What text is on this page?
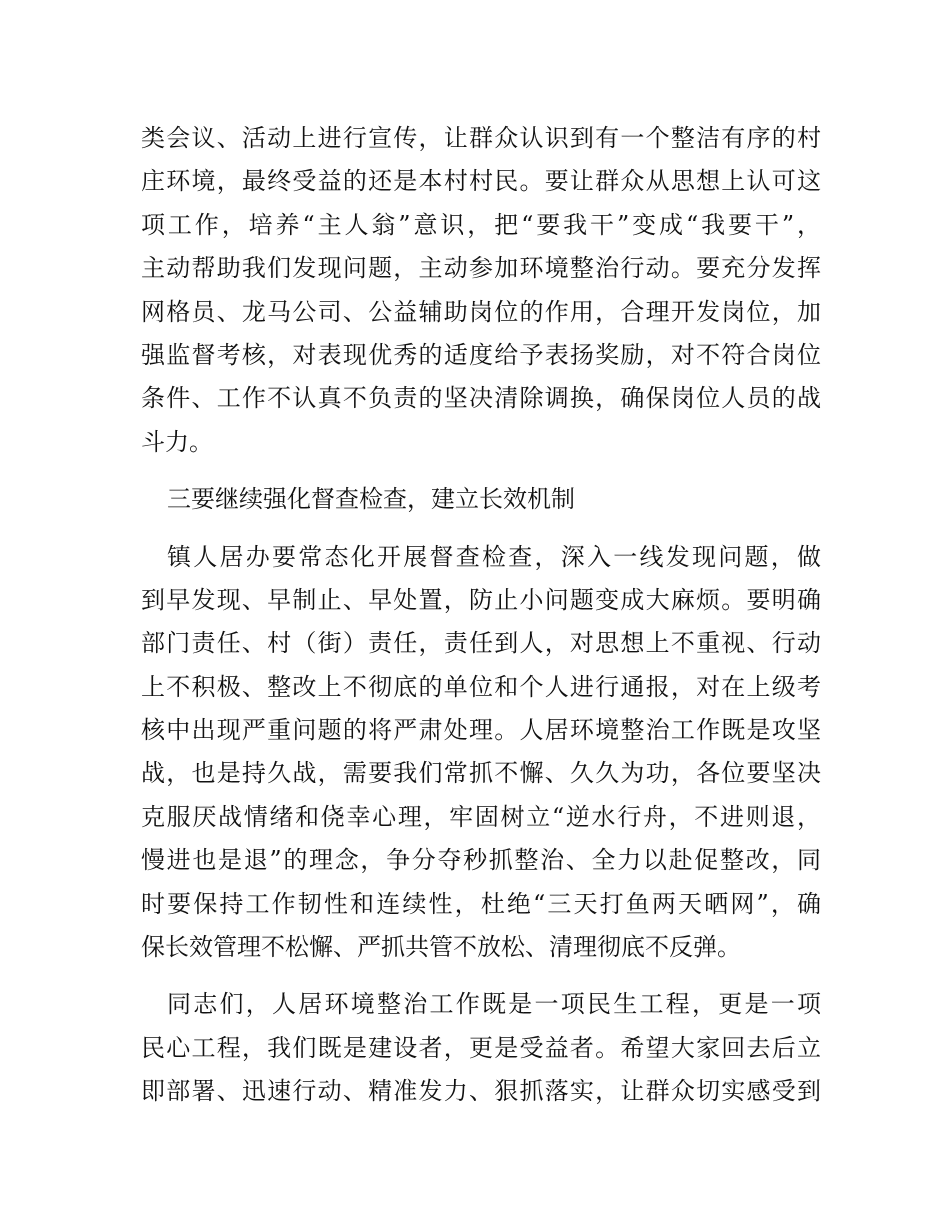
类会议、活动上进行宣传，让群众认识到有一个整洁有序的村
庄环境，最终受益的还是本村村民。要让群众从思想上认可这
项工作，培养“主人翁”意识，把“要我干”变成“我要干”，
主动帮助我们发现问题，主动参加环境整治行动。要充分发挥
网格员、龙马公司、公益辅助岗位的作用，合理开发岗位，加
强监督考核，对表现优秀的适度给予表扬奖励，对不符合岗位
条件、工作不认真不负责的坚决清除调换，确保岗位人员的战
斗力。
三要继续强化督查检查，建立长效机制
镇人居办要常态化开展督查检查，深入一线发现问题，做
到早发现、早制止、早处置，防止小问题变成大麻烦。要明确
部门责任、村（街）责任，责任到人，对思想上不重视、行动
上不积极、整改上不彻底的单位和个人进行通报，对在上级考
核中出现严重问题的将严肃处理。人居环境整治工作既是攻坚
战，也是持久战，需要我们常抓不懈、久久为功，各位要坚决
克服厌战情绪和侥幸心理，牢固树立“逆水行舟，不进则退，
慢进也是退”的理念，争分夺秒抓整治、全力以赴促整改，同
时要保持工作韧性和连续性，杜绝“三天打鱼两天晒网”，确
保长效管理不松懈、严抓共管不放松、清理彻底不反弹。
同志们，人居环境整治工作既是一项民生工程，更是一项
民心工程，我们既是建设者，更是受益者。希望大家回去后立
即部署、迅速行动、精准发力、狠抓落实，让群众切实感受到
